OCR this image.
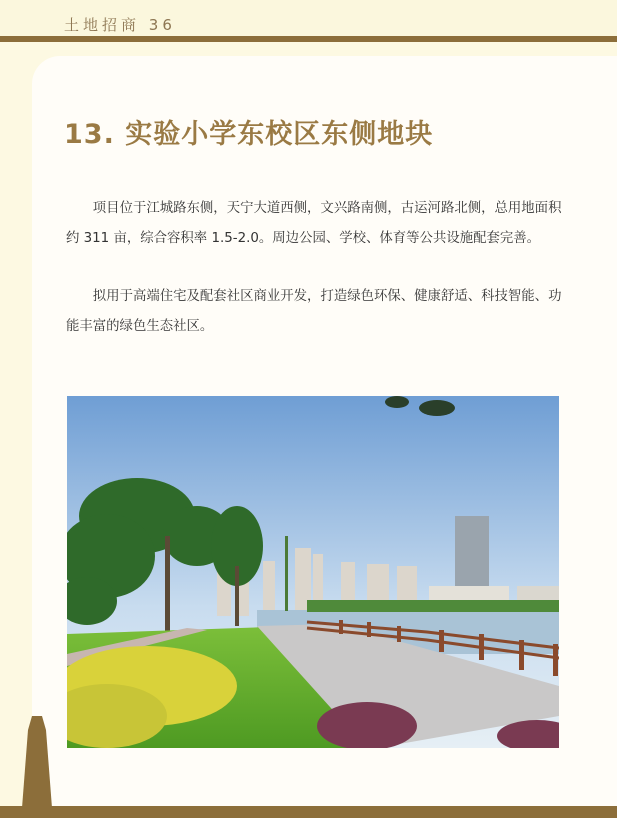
土地招商 36
13. 实验小学东校区东侧地块

项目位于江城路东侧，天宁大道西侧，文兴路南侧，古运河路北侧，总用地面积约 311 亩，综合容积率 1.5-2.0。周边公园、学校、体育等公共设施配套完善。

拟用于高端住宅及配套社区商业开发，打造绿色环保、健康舒适、科技智能、功能丰富的绿色生态社区。
